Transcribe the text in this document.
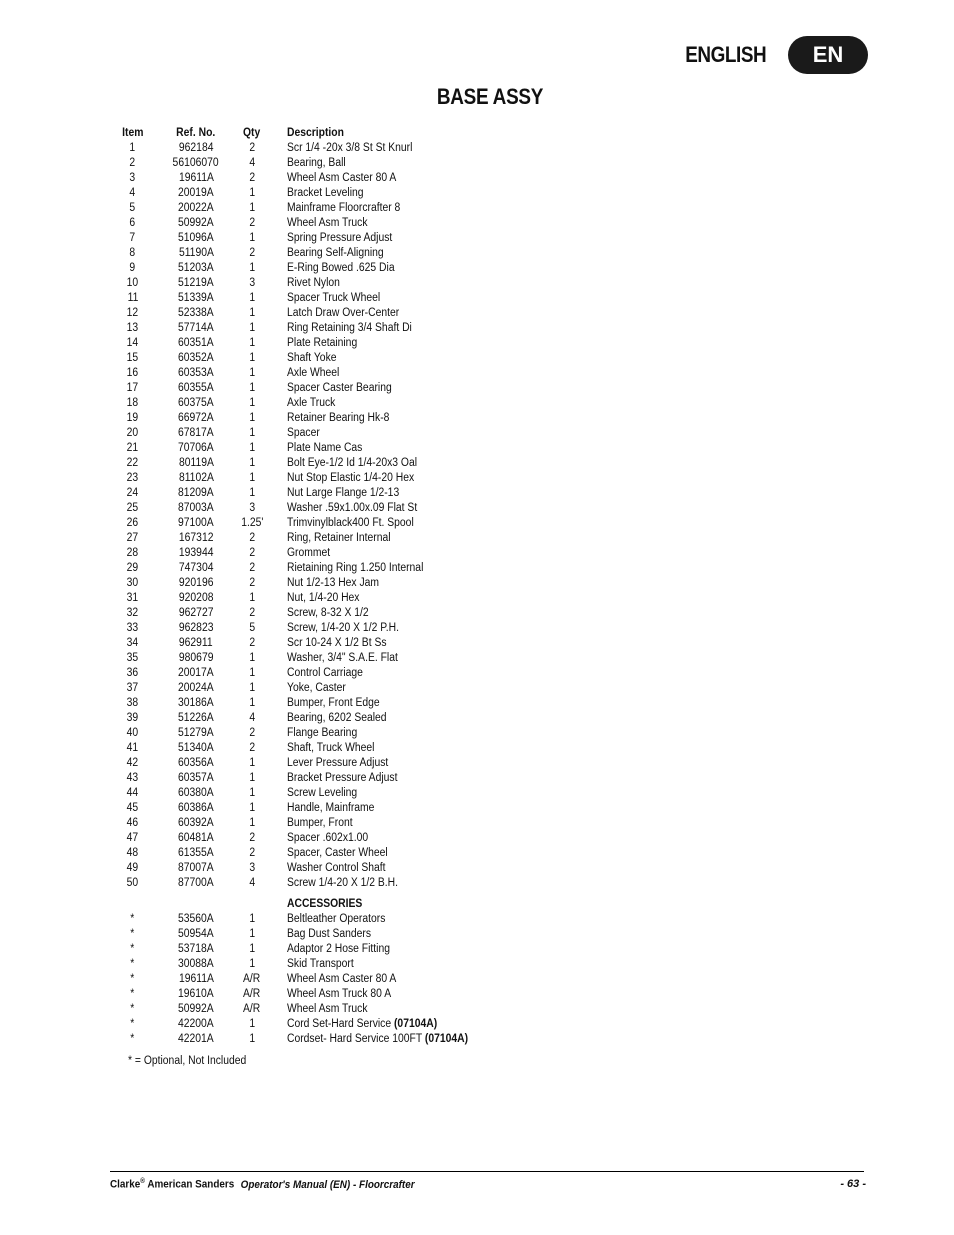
ENGLISH	EN
BASE ASSY
Item	Ref. No.	Qty	Description
1	962184	2	Scr 1/4 -20x 3/8 St St Knurl
2	56106070	4	Bearing, Ball
3	19611A	2	Wheel Asm Caster 80 A
4	20019A	1	Bracket Leveling
5	20022A	1	Mainframe Floorcrafter 8
6	50992A	2	Wheel Asm Truck
7	51096A	1	Spring Pressure Adjust
8	51190A	2	Bearing Self-Aligning
9	51203A	1	E-Ring Bowed .625 Dia
10	51219A	3	Rivet Nylon
11	51339A	1	Spacer Truck Wheel
12	52338A	1	Latch Draw Over-Center
13	57714A	1	Ring Retaining 3/4 Shaft Di
14	60351A	1	Plate Retaining
15	60352A	1	Shaft Yoke
16	60353A	1	Axle Wheel
17	60355A	1	Spacer Caster Bearing
18	60375A	1	Axle Truck
19	66972A	1	Retainer Bearing Hk-8
20	67817A	1	Spacer
21	70706A	1	Plate Name Cas
22	80119A	1	Bolt Eye-1/2 Id 1/4-20x3 Oal
23	81102A	1	Nut Stop Elastic 1/4-20 Hex
24	81209A	1	Nut Large Flange 1/2-13
25	87003A	3	Washer .59x1.00x.09 Flat St
26	97100A	1.25'	Trimvinylblack400 Ft. Spool
27	167312	2	Ring, Retainer Internal
28	193944	2	Grommet
29	747304	2	Rietaining Ring 1.250 Internal
30	920196	2	Nut 1/2-13 Hex Jam
31	920208	1	Nut, 1/4-20 Hex
32	962727	2	Screw, 8-32 X 1/2
33	962823	5	Screw, 1/4-20 X 1/2 P.H.
34	962911	2	Scr 10-24 X 1/2 Bt Ss
35	980679	1	Washer, 3/4" S.A.E. Flat
36	20017A	1	Control Carriage
37	20024A	1	Yoke, Caster
38	30186A	1	Bumper, Front Edge
39	51226A	4	Bearing, 6202 Sealed
40	51279A	2	Flange Bearing
41	51340A	2	Shaft, Truck Wheel
42	60356A	1	Lever Pressure Adjust
43	60357A	1	Bracket Pressure Adjust
44	60380A	1	Screw Leveling
45	60386A	1	Handle, Mainframe
46	60392A	1	Bumper, Front
47	60481A	2	Spacer .602x1.00
48	61355A	2	Spacer, Caster Wheel
49	87007A	3	Washer Control Shaft
50	87700A	4	Screw 1/4-20 X 1/2 B.H.
			ACCESSORIES
*	53560A	1	Beltleather Operators
*	50954A	1	Bag Dust Sanders
*	53718A	1	Adaptor 2 Hose Fitting
*	30088A	1	Skid Transport
*	19611A	A/R	Wheel Asm Caster 80 A
*	19610A	A/R	Wheel Asm Truck 80 A
*	50992A	A/R	Wheel Asm Truck
*	42200A	1	Cord Set-Hard Service (07104A)
*	42201A	1	Cordset- Hard Service 100FT (07104A)
* = Optional, Not Included
Clarke® American Sanders Operator's Manual (EN) - Floorcrafter	- 63 -
